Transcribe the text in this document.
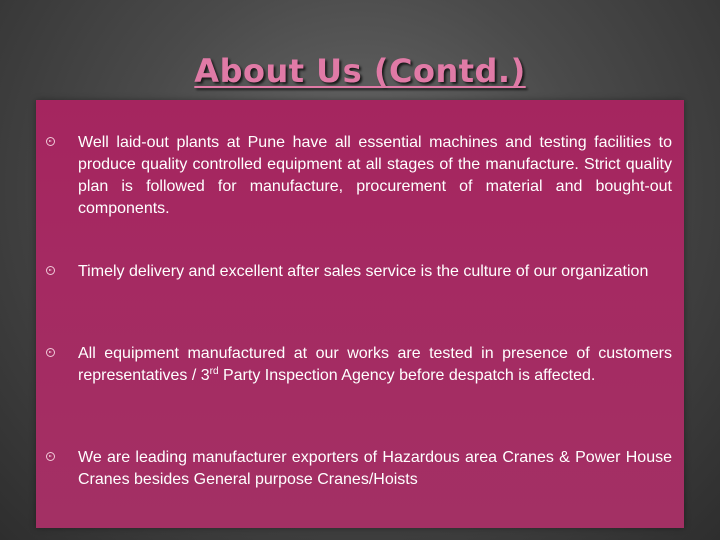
About Us (Contd.)
Well laid-out plants at Pune have all essential machines and testing facilities to produce quality controlled equipment at all stages of the manufacture. Strict quality plan is followed for manufacture, procurement of material and bought-out components.
Timely delivery and excellent after sales service is the culture of our organization
All equipment manufactured at our works are tested in presence of customers representatives / 3rd Party Inspection Agency before despatch is affected.
We are leading manufacturer exporters of Hazardous area Cranes & Power House Cranes besides General purpose Cranes/Hoists
